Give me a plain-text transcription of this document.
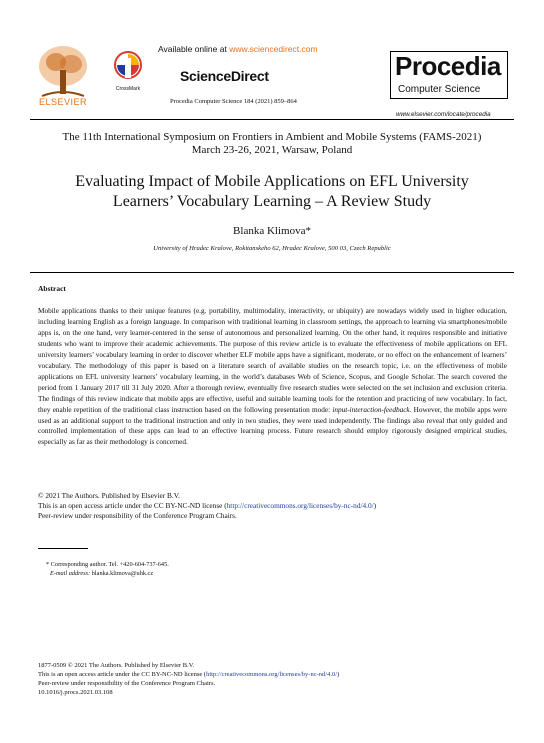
ELSEVIER
Available online at www.sciencedirect.com
CrossMark
ScienceDirect
Procedia Computer Science 184 (2021) 859–864
Procedia
Computer Science
www.elsevier.com/locate/procedia
The 11th International Symposium on Frontiers in Ambient and Mobile Systems (FAMS-2021)
March 23-26, 2021, Warsaw, Poland
Evaluating Impact of Mobile Applications on EFL University
Learners’ Vocabulary Learning – A Review Study
Blanka Klimova*
University of Hradec Kralove, Rokitanskeho 62, Hradec Kralove, 500 03, Czech Republic
Abstract
Mobile applications thanks to their unique features (e.g. portability, multimodality, interactivity, or ubiquity) are nowadays widely used in higher education, including learning English as a foreign language. In comparison with traditional learning in classroom settings, the approach to learning via smartphones/mobile apps is, on the one hand, very learner-centered in the sense of autonomous and personalized learning. On the other hand, it requires responsible and initiative students who want to improve their academic achievements. The purpose of this review article is to evaluate the effectiveness of mobile applications on EFL university learners’ vocabulary learning in order to discover whether ELF mobile apps have a significant, moderate, or no effect on the enhancement of learners’ vocabulary. The methodology of this paper is based on a literature search of available studies on the research topic, i.e. on the effectiveness of mobile applications on EFL university learners’ vocabulary learning, in the world’s databases Web of Science, Scopus, and Google Scholar. The search covered the period from 1 January 2017 till 31 July 2020. After a thorough review, eventually five research studies were selected on the set inclusion and exclusion criteria. The findings of this review indicate that mobile apps are effective, useful and suitable learning tools for the retention and practicing of new vocabulary. In fact, they enable repetition of the traditional class instruction based on the following presentation mode: input-interaction-feedback. However, the mobile apps were used as an additional support to the traditional instruction and only in two studies, they were used independently. The findings also reveal that only guided and controlled implementation of these apps can lead to an effective learning process. Future research should employ rigorously designed empirical studies, especially as far as their methodology is concerned.
© 2021 The Authors. Published by Elsevier B.V.
This is an open access article under the CC BY-NC-ND license (http://creativecommons.org/licenses/by-nc-nd/4.0/)
Peer-review under responsibility of the Conference Program Chairs.
* Corresponding author. Tel. +420-604-737-645.
E-mail address: blanka.klimova@uhk.cz
1877-0509 © 2021 The Authors. Published by Elsevier B.V.
This is an open access article under the CC BY-NC-ND license (http://creativecommons.org/licenses/by-nc-nd/4.0/)
Peer-review under responsibility of the Conference Program Chairs.
10.1016/j.procs.2021.03.108
